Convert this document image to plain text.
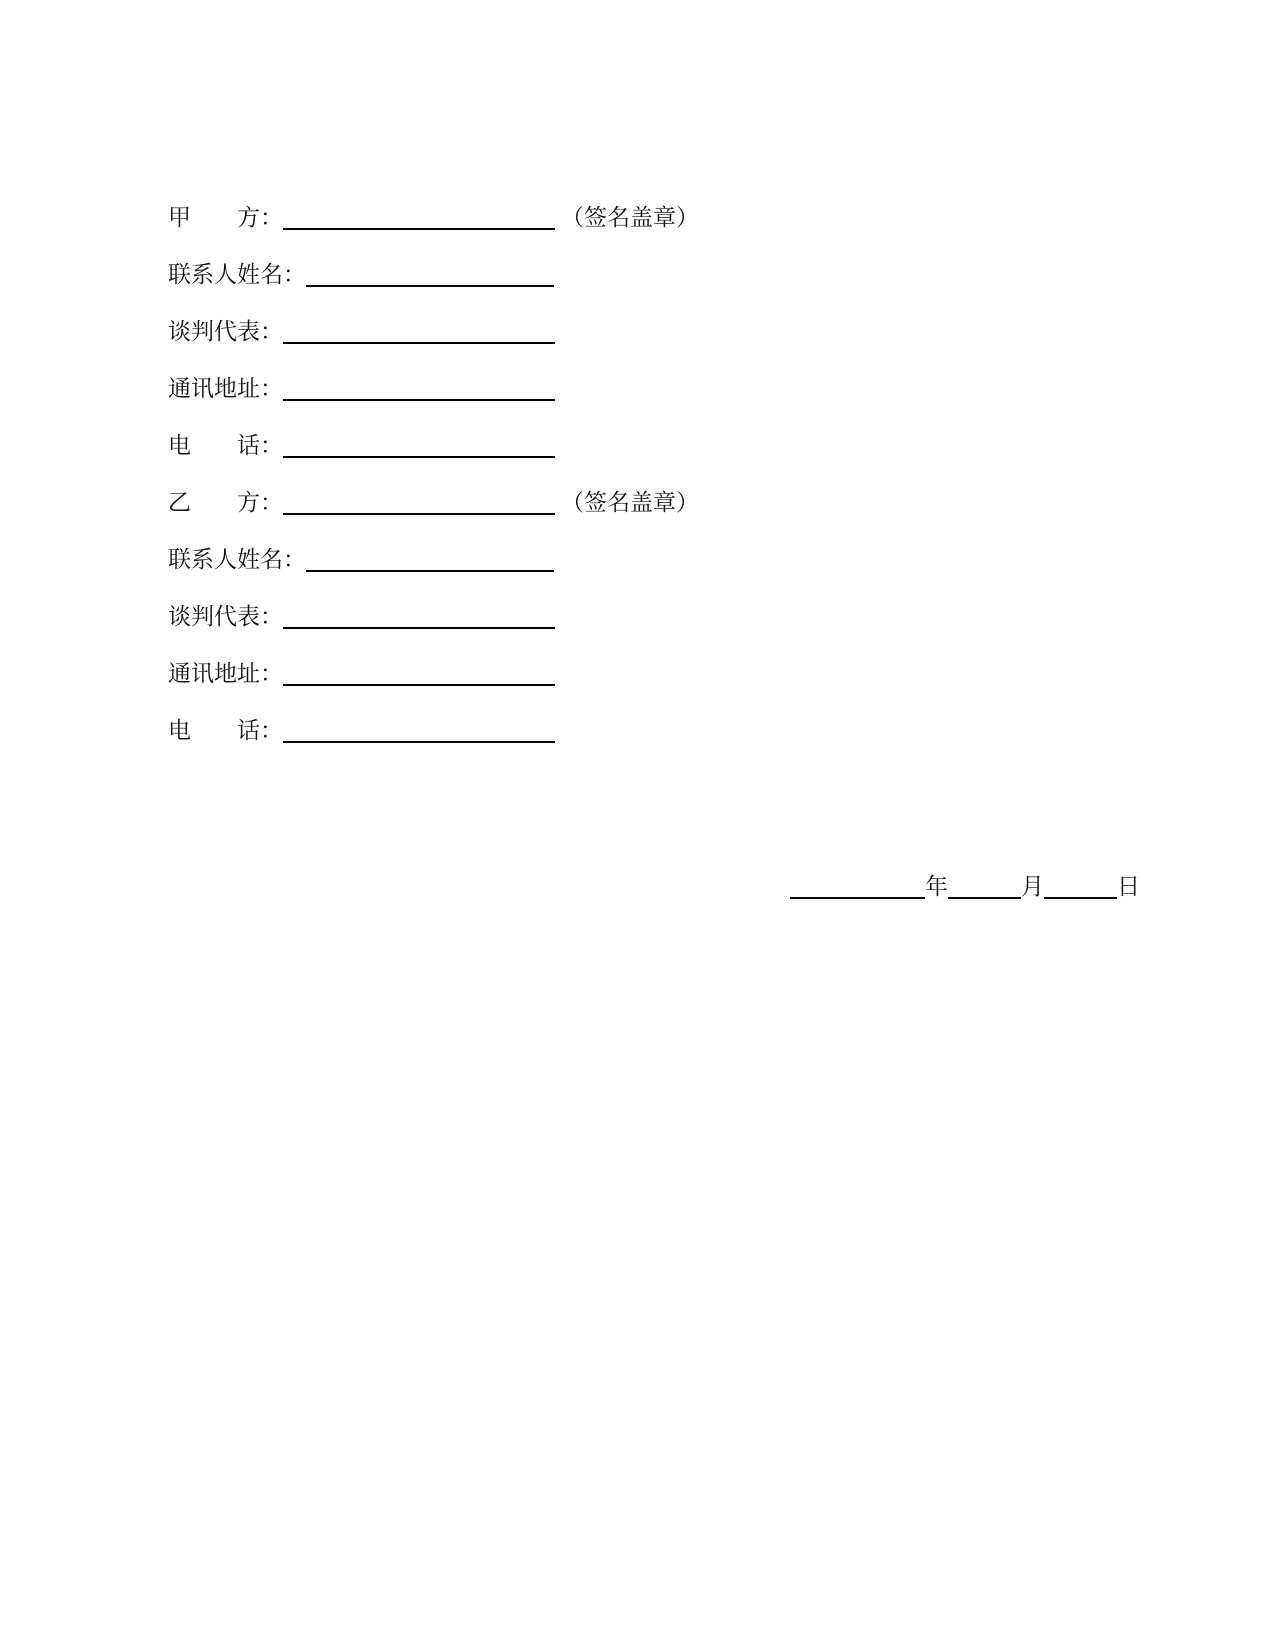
甲　　方：	（签名盖章）
联系人姓名：
谈判代表：
通讯地址：
电　　话：
乙　　方：	（签名盖章）
联系人姓名：
谈判代表：
通讯地址：
电　　话：
年	月	日
